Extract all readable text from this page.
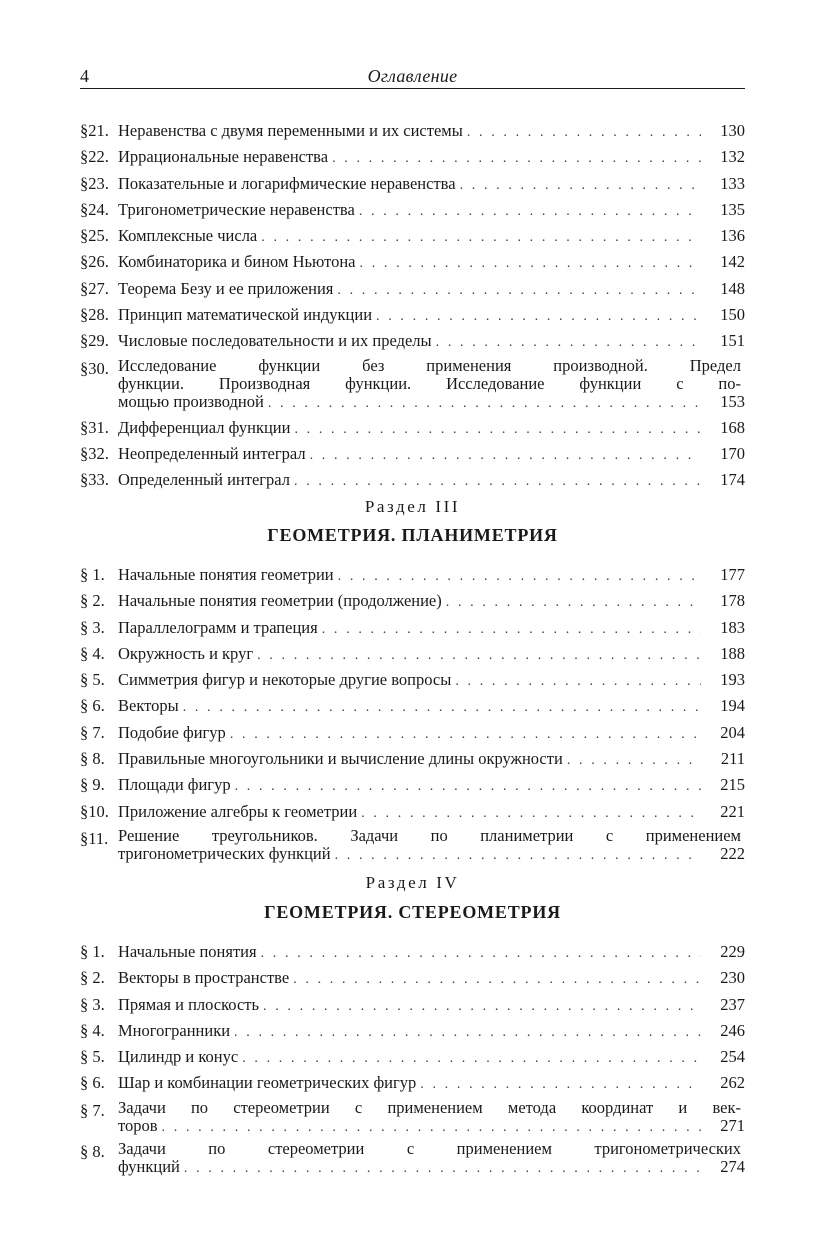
4	Оглавление
§21. Неравенства с двумя переменными и их системы . . .	130
§22. Иррациональные неравенства . . .	132
§23. Показательные и логарифмические неравенства . . .	133
§24. Тригонометрические неравенства . . .	135
§25. Комплексные числа . . .	136
§26. Комбинаторика и бином Ньютона . . .	142
§27. Теорема Безу и ее приложения . . .	148
§28. Принцип математической индукции . . .	150
§29. Числовые последовательности и их пределы . . .	151
§30. Исследование функции без применения производной. Предел
функции. Производная функции. Исследование функции с по-
мощью производной . . .	153
§31. Дифференциал функции . . .	168
§32. Неопределенный интеграл . . .	170
§33. Определенный интеграл . . .	174
Раздел III
ГЕОМЕТРИЯ. ПЛАНИМЕТРИЯ
§ 1. Начальные понятия геометрии . . .	177
§ 2. Начальные понятия геометрии (продолжение) . . .	178
§ 3. Параллелограмм и трапеция . . .	183
§ 4. Окружность и круг . . .	188
§ 5. Симметрия фигур и некоторые другие вопросы . . .	193
§ 6. Векторы . . .	194
§ 7. Подобие фигур . . .	204
§ 8. Правильные многоугольники и вычисление длины окружности . . .	211
§ 9. Площади фигур . . .	215
§10. Приложение алгебры к геометрии . . .	221
§11. Решение треугольников. Задачи по планиметрии с применением
тригонометрических функций . . .	222
Раздел IV
ГЕОМЕТРИЯ. СТЕРЕОМЕТРИЯ
§ 1. Начальные понятия . . .	229
§ 2. Векторы в пространстве . . .	230
§ 3. Прямая и плоскость . . .	237
§ 4. Многогранники . . .	246
§ 5. Цилиндр и конус . . .	254
§ 6. Шар и комбинации геометрических фигур . . .	262
§ 7. Задачи по стереометрии с применением метода координат и век-
торов . . .	271
§ 8. Задачи по стереометрии с применением тригонометрических
функций . . .	274
